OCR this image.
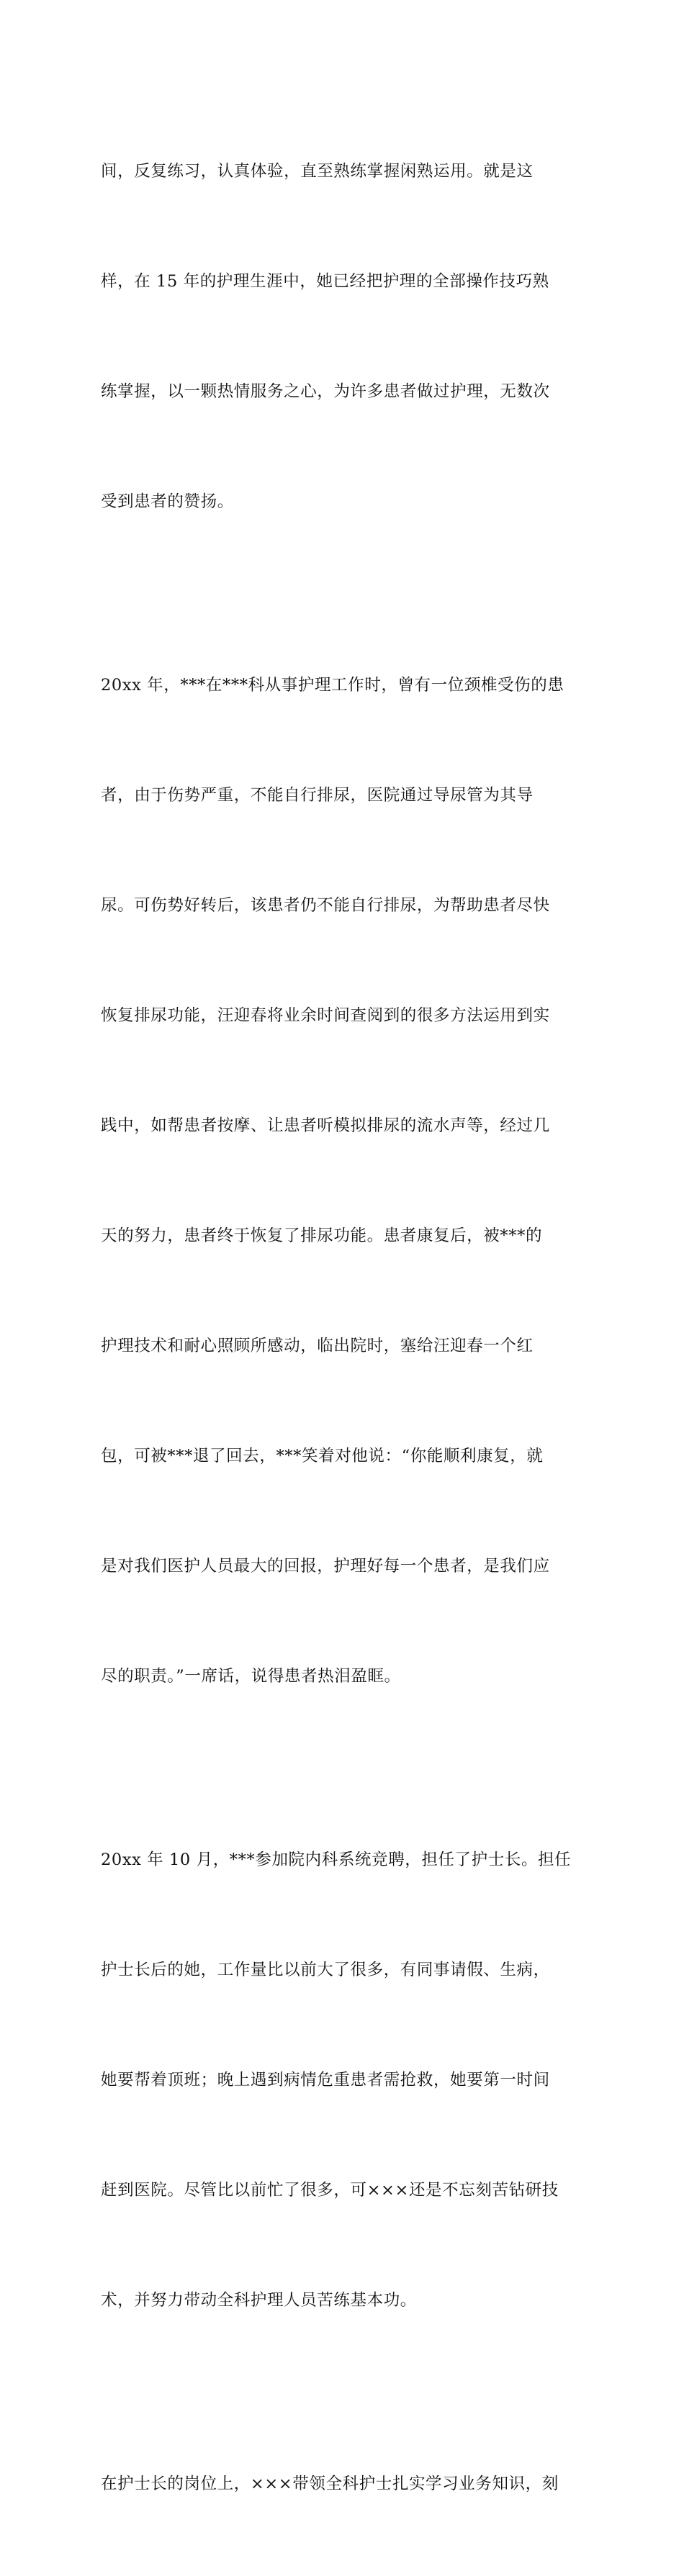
间，反复练习，认真体验，直至熟练掌握闲熟运用。就是这

样，在 15 年的护理生涯中，她已经把护理的全部操作技巧熟

练掌握，以一颗热情服务之心，为许多患者做过护理，无数次

受到患者的赞扬。

20xx 年，***在***科从事护理工作时，曾有一位颈椎受伤的患

者，由于伤势严重，不能自行排尿，医院通过导尿管为其导

尿。可伤势好转后，该患者仍不能自行排尿，为帮助患者尽快

恢复排尿功能，汪迎春将业余时间查阅到的很多方法运用到实

践中，如帮患者按摩、让患者听模拟排尿的流水声等，经过几

天的努力，患者终于恢复了排尿功能。患者康复后，被***的

护理技术和耐心照顾所感动，临出院时，塞给汪迎春一个红

包，可被***退了回去，***笑着对他说：“你能顺利康复，就

是对我们医护人员最大的回报，护理好每一个患者，是我们应

尽的职责。”一席话，说得患者热泪盈眶。

20xx 年 10 月，***参加院内科系统竞聘，担任了护士长。担任

护士长后的她，工作量比以前大了很多，有同事请假、生病，

她要帮着顶班；晚上遇到病情危重患者需抢救，她要第一时间

赶到医院。尽管比以前忙了很多，可×××还是不忘刻苦钻研技

术，并努力带动全科护理人员苦练基本功。

在护士长的岗位上，×××带领全科护士扎实学习业务知识，刻
